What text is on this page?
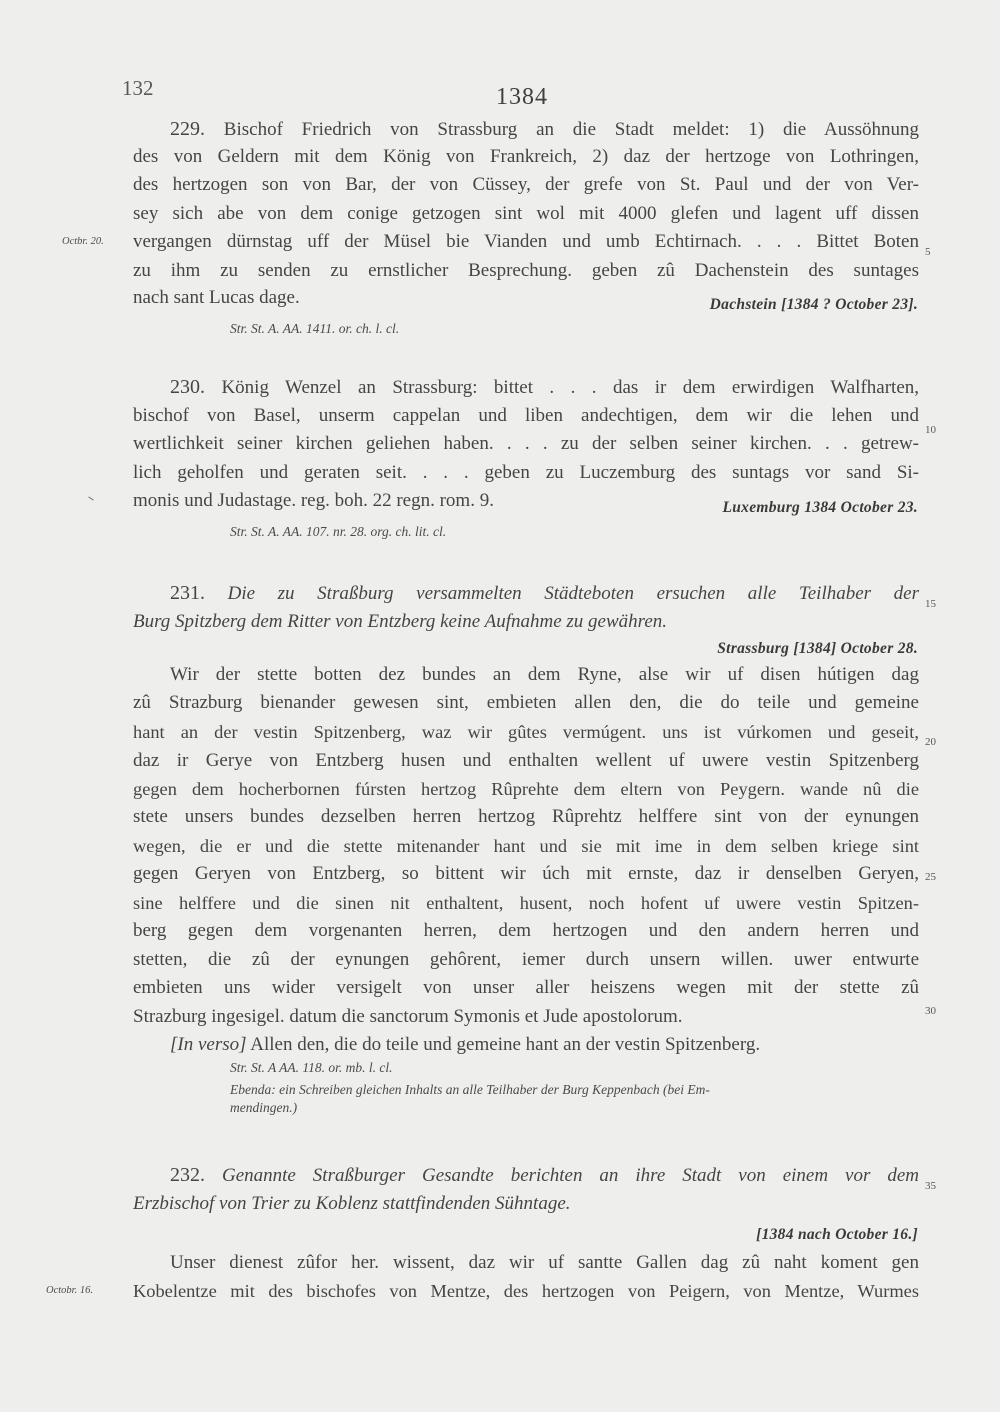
132	1384
229. Bischof Friedrich von Strassburg an die Stadt meldet: 1) die Aussöhnung
des von Geldern mit dem König von Frankreich, 2) daz der hertzoge von Lothringen,
des hertzogen son von Bar, der von Cüssey, der grefe von St. Paul und der von Ver-
sey sich abe von dem conige getzogen sint wol mit 4000 glefen und lagent uff dissen
vergangen dürnstag uff der Müsel bie Vianden und umb Echtirnach. . . . Bittet Boten
zu ihm zu senden zu ernstlicher Besprechung. geben zû Dachenstein des suntages
nach sant Lucas dage.	Dachstein [1384 ? October 23].
Str. St. A. AA. 1411. or. ch. l. cl.
Octbr. 20.
230. König Wenzel an Strassburg: bittet . . . das ir dem erwirdigen Walfharten,
bischof von Basel, unserm cappelan und liben andechtigen, dem wir die lehen und
wertlichkeit seiner kirchen geliehen haben. . . . zu der selben seiner kirchen. . . getrew-
lich geholfen und geraten seit. . . . geben zu Luczemburg des suntags vor sand Si-
monis und Judastage. reg. boh. 22 regn. rom. 9.	Luxemburg 1384 October 23.
Str. St. A. AA. 107. nr. 28. org. ch. lit. cl.
231. Die zu Straßburg versammelten Städteboten ersuchen alle Teilhaber der
Burg Spitzberg dem Ritter von Entzberg keine Aufnahme zu gewähren.
Strassburg [1384] October 28.
Wir der stette botten dez bundes an dem Ryne, alse wir uf disen hútigen dag
zû Strazburg bienander gewesen sint, embieten allen den, die do teile und gemeine
hant an der vestin Spitzenberg, waz wir gûtes vermúgent. uns ist vúrkomen und geseit,
daz ir Gerye von Entzberg husen und enthalten wellent uf uwere vestin Spitzenberg
gegen dem hocherbornen fúrsten hertzog Rûprehte dem eltern von Peygern. wande nû die
stete unsers bundes dezselben herren hertzog Rûprehtz helffere sint von der eynungen
wegen, die er und die stette mitenander hant und sie mit ime in dem selben kriege sint
gegen Geryen von Entzberg, so bittent wir úch mit ernste, daz ir denselben Geryen,
sine helffere und die sinen nit enthaltent, husent, noch hofent uf uwere vestin Spitzen-
berg gegen dem vorgenanten herren, dem hertzogen und den andern herren und
stetten, die zû der eynungen gehôrent, iemer durch unsern willen. uwer entwurte
embieten uns wider versigelt von unser aller heiszens wegen mit der stette zû
Strazburg ingesigel. datum die sanctorum Symonis et Jude apostolorum.
[In verso] Allen den, die do teile und gemeine hant an der vestin Spitzenberg.
Str. St. A AA. 118. or. mb. l. cl.
Ebenda: ein Schreiben gleichen Inhalts an alle Teilhaber der Burg Keppenbach (bei Em-
mendingen.)
232. Genannte Straßburger Gesandte berichten an ihre Stadt von einem vor dem
Erzbischof von Trier zu Koblenz stattfindenden Sühntage.
[1384 nach October 16.]
Unser dienest zûfor her. wissent, daz wir uf santte Gallen dag zû naht koment gen
Kobelentze mit des bischofes von Mentze, des hertzogen von Peigern, von Mentze, Wurmes
Octobr. 16.
5
10
15
20
25
30
35
